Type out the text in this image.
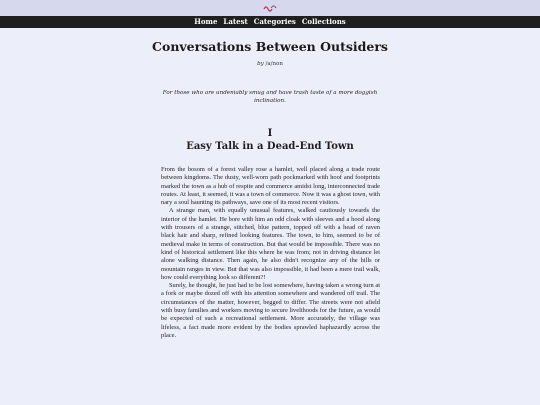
Home Latest Categories Collections
Conversations Between Outsiders
by /a/non

For those who are undeniably smug and have trash taste of a more doggish inclination.

I
Easy Talk in a Dead-End Town

From the bosom of a forest valley rose a hamlet, well placed along a trade route between kingdoms. The dusty, well-worn path pockmarked with hoof and footprints marked the town as a hub of respite and commerce amidst long, interconnected trade routes. At least, it seemed, it was a town of commerce. Now it was a ghost town, with nary a soul haunting its pathways, save one of its most recent visitors.

A strange man, with equally unusual features, walked cautiously towards the interior of the hamlet. He bore with him an odd cloak with sleeves and a hood along with trousers of a strange, stitched, blue pattern, topped off with a head of raven black hair and sharp, refined looking features. The town, to him, seemed to be of medieval make in terms of construction. But that would be impossible. There was no kind of historical settlement like this where he was from; not in driving distance let alone walking distance. Then again, he also didn't recognize any of the hills or mountain ranges in view. But that was also impossible, it had been a mere trail walk, how could everything look so different?!

Surely, he thought, he just had to be lost somewhere, having taken a wrong turn at a fork or maybe dozed off with his attention somewhere and wandered off trail. The circumstances of the matter, however, begged to differ. The streets were not afield with busy families and workers moving to secure livelihoods for the future, as would be expected of such a recreational settlement. More accurately, the village was lifeless, a fact made more evident by the bodies sprawled haphazardly across the place.
